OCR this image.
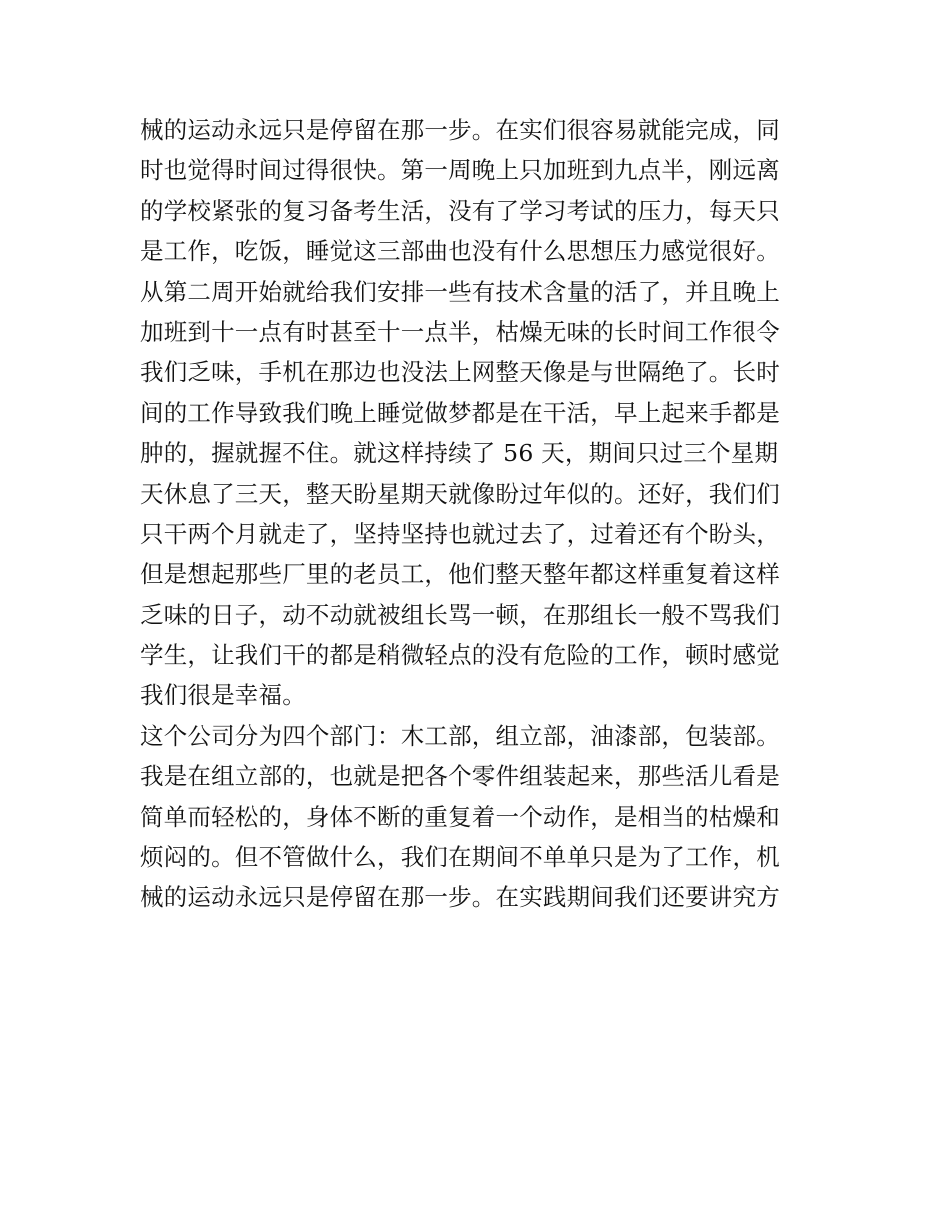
械的运动永远只是停留在那一步。在实们很容易就能完成，同
时也觉得时间过得很快。第一周晚上只加班到九点半，刚远离
的学校紧张的复习备考生活，没有了学习考试的压力，每天只
是工作，吃饭，睡觉这三部曲也没有什么思想压力感觉很好。
从第二周开始就给我们安排一些有技术含量的活了，并且晚上
加班到十一点有时甚至十一点半，枯燥无味的长时间工作很令
我们乏味，手机在那边也没法上网整天像是与世隔绝了。长时
间的工作导致我们晚上睡觉做梦都是在干活，早上起来手都是
肿的，握就握不住。就这样持续了 56 天，期间只过三个星期
天休息了三天，整天盼星期天就像盼过年似的。还好，我们们
只干两个月就走了，坚持坚持也就过去了，过着还有个盼头，
但是想起那些厂里的老员工，他们整天整年都这样重复着这样
乏味的日子，动不动就被组长骂一顿，在那组长一般不骂我们
学生，让我们干的都是稍微轻点的没有危险的工作，顿时感觉
我们很是幸福。
这个公司分为四个部门：木工部，组立部，油漆部，包装部。
我是在组立部的，也就是把各个零件组装起来，那些活儿看是
简单而轻松的，身体不断的重复着一个动作，是相当的枯燥和
烦闷的。但不管做什么，我们在期间不单单只是为了工作，机
械的运动永远只是停留在那一步。在实践期间我们还要讲究方
